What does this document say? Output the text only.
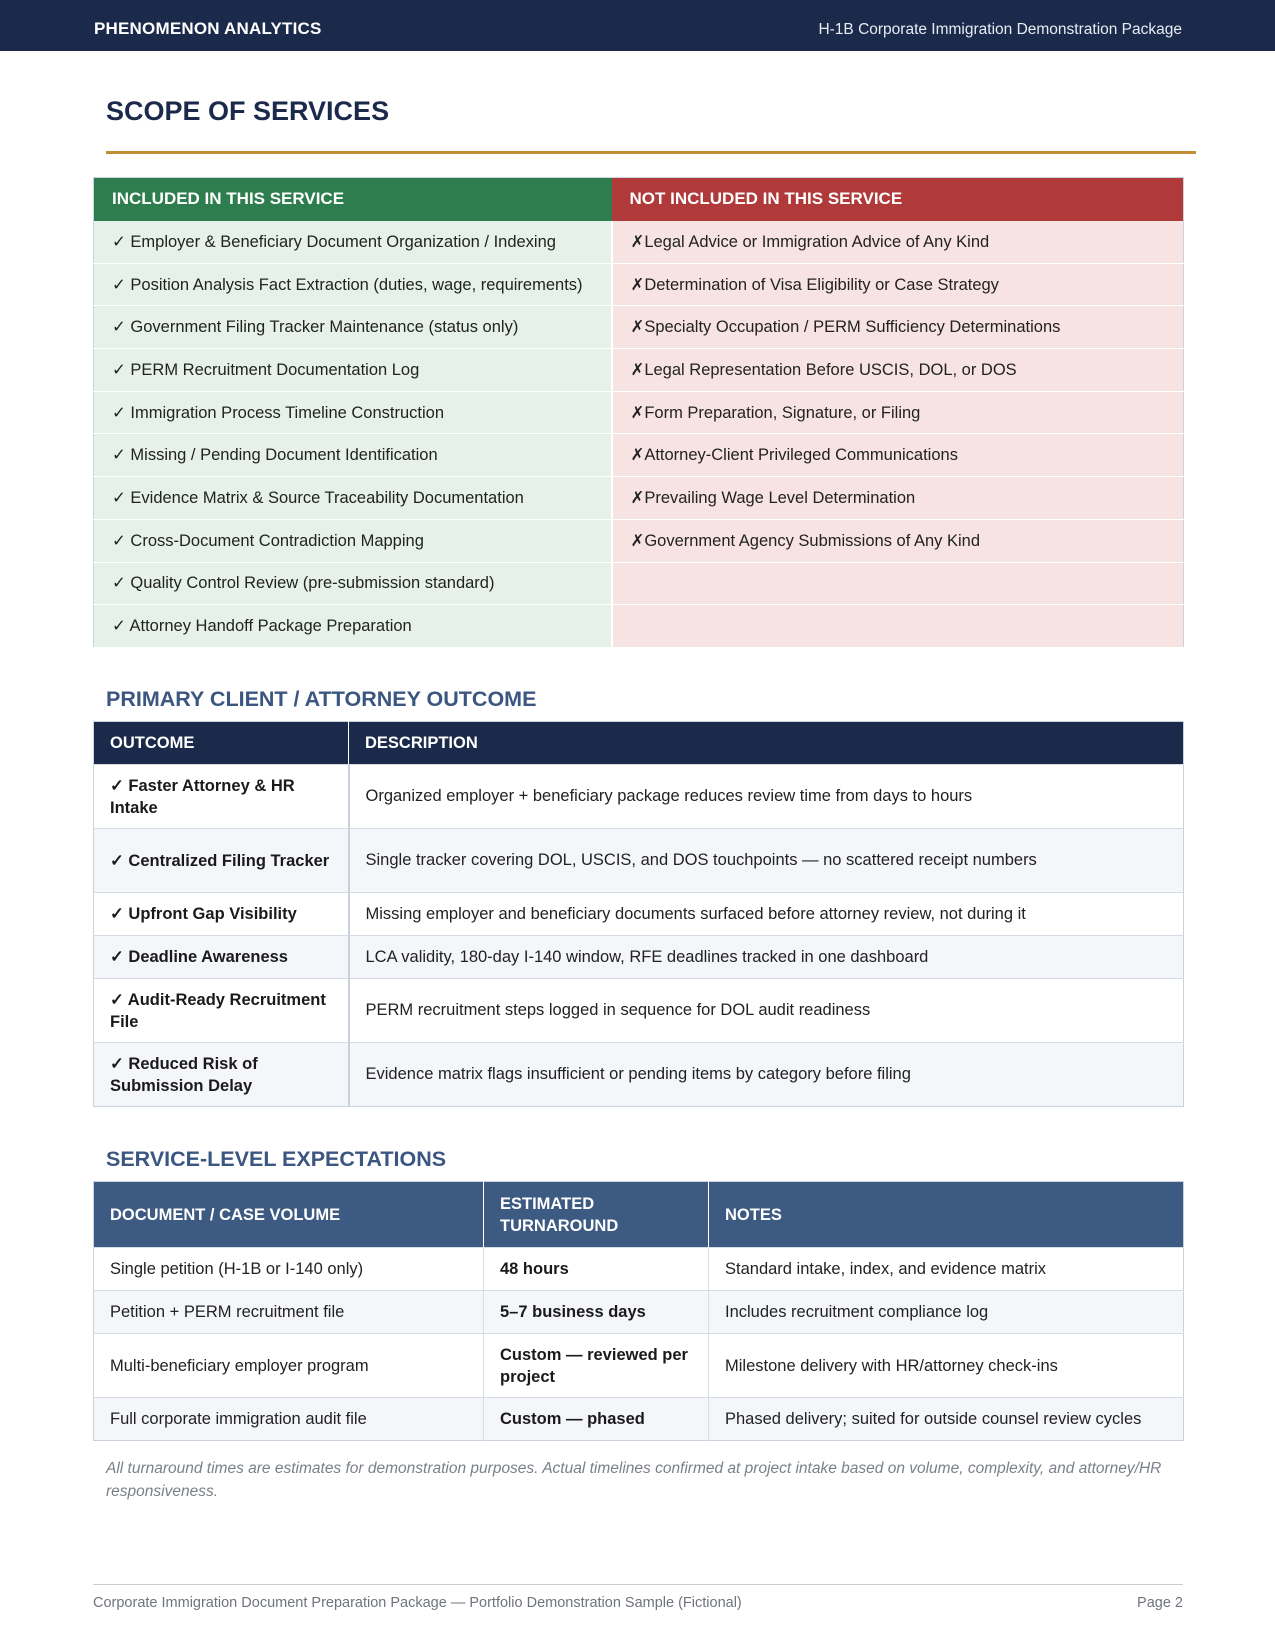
PHENOMENON ANALYTICS	H-1B Corporate Immigration Demonstration Package
SCOPE OF SERVICES
INCLUDED IN THIS SERVICE	NOT INCLUDED IN THIS SERVICE
✓ Employer & Beneficiary Document Organization / Indexing	✗Legal Advice or Immigration Advice of Any Kind
✓ Position Analysis Fact Extraction (duties, wage, requirements)	✗Determination of Visa Eligibility or Case Strategy
✓ Government Filing Tracker Maintenance (status only)	✗Specialty Occupation / PERM Sufficiency Determinations
✓ PERM Recruitment Documentation Log	✗Legal Representation Before USCIS, DOL, or DOS
✓ Immigration Process Timeline Construction	✗Form Preparation, Signature, or Filing
✓ Missing / Pending Document Identification	✗Attorney-Client Privileged Communications
✓ Evidence Matrix & Source Traceability Documentation	✗Prevailing Wage Level Determination
✓ Cross-Document Contradiction Mapping	✗Government Agency Submissions of Any Kind
✓ Quality Control Review (pre-submission standard)	
✓ Attorney Handoff Package Preparation	
PRIMARY CLIENT / ATTORNEY OUTCOME
OUTCOME	DESCRIPTION
✓ Faster Attorney & HR Intake	Organized employer + beneficiary package reduces review time from days to hours
✓ Centralized Filing Tracker	Single tracker covering DOL, USCIS, and DOS touchpoints — no scattered receipt numbers
✓ Upfront Gap Visibility	Missing employer and beneficiary documents surfaced before attorney review, not during it
✓ Deadline Awareness	LCA validity, 180-day I-140 window, RFE deadlines tracked in one dashboard
✓ Audit-Ready Recruitment File	PERM recruitment steps logged in sequence for DOL audit readiness
✓ Reduced Risk of Submission Delay	Evidence matrix flags insufficient or pending items by category before filing
SERVICE-LEVEL EXPECTATIONS
DOCUMENT / CASE VOLUME	ESTIMATED TURNAROUND	NOTES
Single petition (H-1B or I-140 only)	48 hours	Standard intake, index, and evidence matrix
Petition + PERM recruitment file	5–7 business days	Includes recruitment compliance log
Multi-beneficiary employer program	Custom — reviewed per project	Milestone delivery with HR/attorney check-ins
Full corporate immigration audit file	Custom — phased	Phased delivery; suited for outside counsel review cycles

All turnaround times are estimates for demonstration purposes. Actual timelines confirmed at project intake based on volume, complexity, and attorney/HR responsiveness.

Corporate Immigration Document Preparation Package — Portfolio Demonstration Sample (Fictional)	Page 2
